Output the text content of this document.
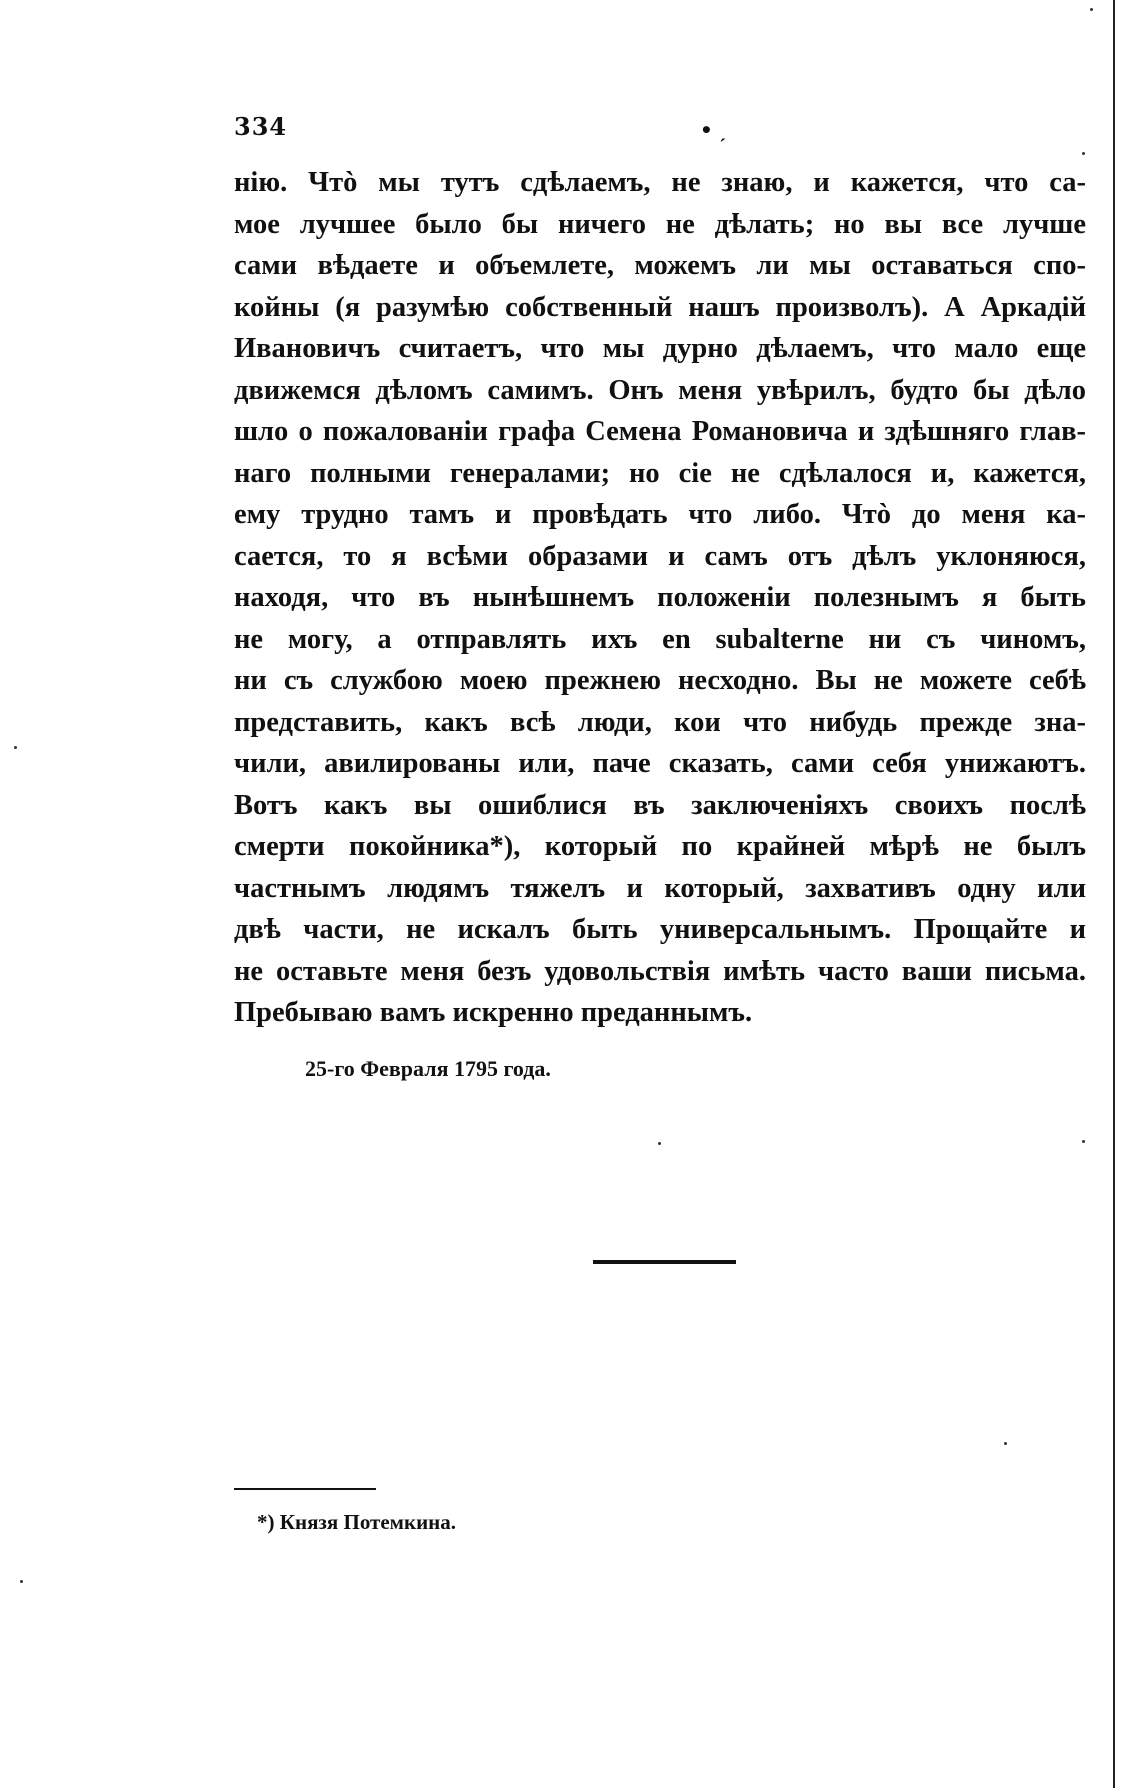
334	• ˏ
нію. Чтò мы тутъ сдѣлаемъ, не знаю, и кажется, что са-
мое лучшее было бы ничего не дѣлать; но вы все лучше
сами вѣдаете и объемлете, можемъ ли мы оставаться спо-
койны (я разумѣю собственный нашъ произволъ). А Аркадій
Ивановичъ считаетъ, что мы дурно дѣлаемъ, что мало еще
движемся дѣломъ самимъ. Онъ меня увѣрилъ, будто бы дѣло
шло о пожалованіи графа Семена Романовича и здѣшняго глав-
наго полными генералами; но сіе не сдѣлалося и, кажется,
ему трудно тамъ и провѣдать что либо. Чтò до меня ка-
сается, то я всѣми образами и самъ отъ дѣлъ уклоняюся,
находя, что въ нынѣшнемъ положеніи полезнымъ я быть
не могу, а отправлять ихъ en subalterne ни съ чиномъ,
ни съ службою моею прежнею несходно. Вы не можете себѣ
представить, какъ всѣ люди, кои что нибудь прежде зна-
чили, авилированы или, паче сказать, сами себя унижаютъ.
Вотъ какъ вы ошиблися въ заключеніяхъ своихъ послѣ
смерти покойника*), который по крайней мѣрѣ не былъ
частнымъ людямъ тяжелъ и который, захвативъ одну или
двѣ части, не искалъ быть универсальнымъ. Прощайте и
не оставьте меня безъ удовольствія имѣть часто ваши письма.
Пребываю вамъ искренно преданнымъ.
25-го Февраля 1795 года.
*) Князя Потемкина.
